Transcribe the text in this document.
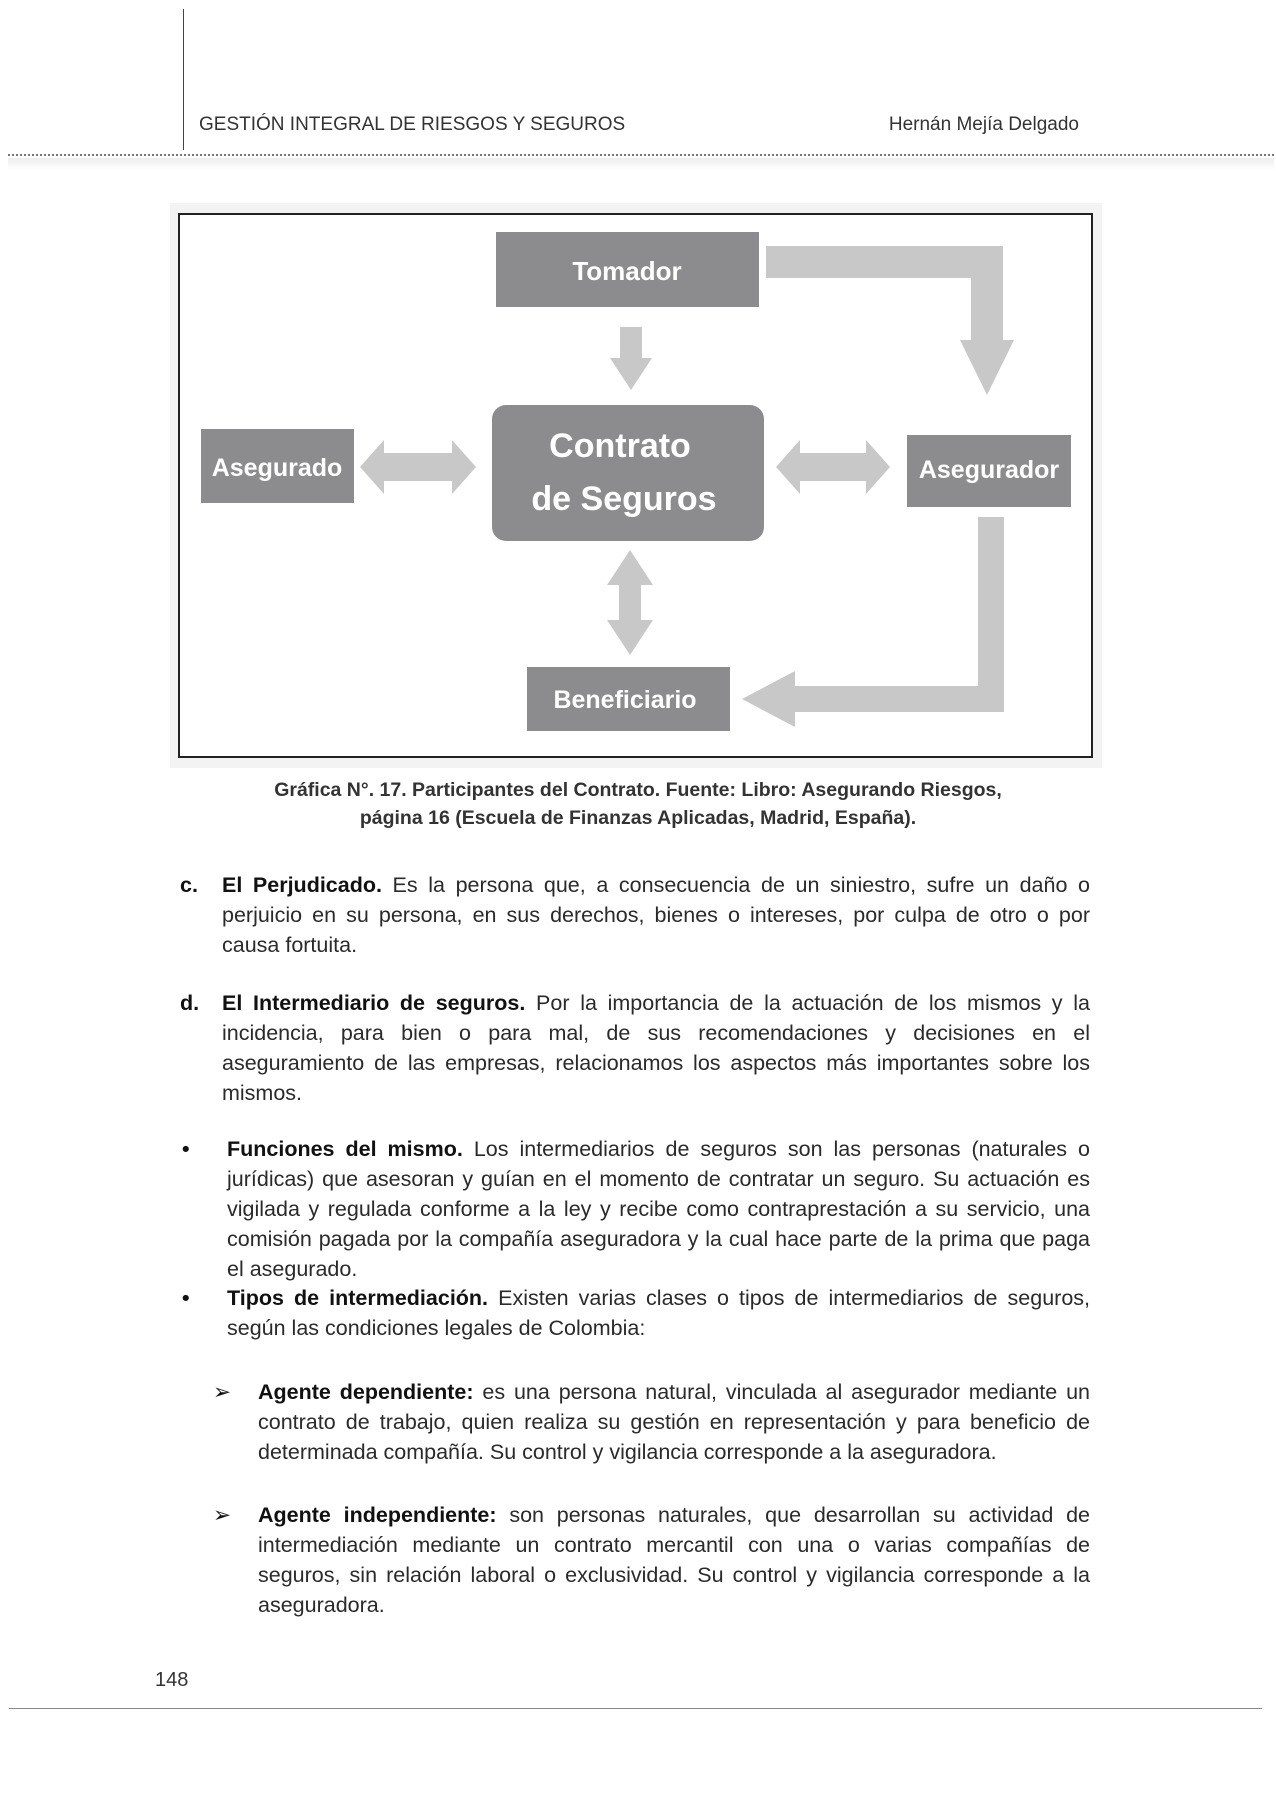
GESTIÓN INTEGRAL DE RIESGOS Y SEGUROS	Hernán Mejía Delgado
Tomador
Contrato
de Seguros
Asegurado	Asegurador
Beneficiario
Gráfica N°. 17. Participantes del Contrato. Fuente: Libro: Asegurando Riesgos,
página 16 (Escuela de Finanzas Aplicadas, Madrid, España).
c. El Perjudicado. Es la persona que, a consecuencia de un siniestro, sufre un daño o perjuicio en su persona, en sus derechos, bienes o intereses, por culpa de otro o por causa fortuita.
d. El Intermediario de seguros. Por la importancia de la actuación de los mismos y la incidencia, para bien o para mal, de sus recomendaciones y decisiones en el aseguramiento de las empresas, relacionamos los aspectos más importantes sobre los mismos.
• Funciones del mismo. Los intermediarios de seguros son las personas (naturales o jurídicas) que asesoran y guían en el momento de contratar un seguro. Su actuación es vigilada y regulada conforme a la ley y recibe como contraprestación a su servicio, una comisión pagada por la compañía aseguradora y la cual hace parte de la prima que paga el asegurado.
• Tipos de intermediación. Existen varias clases o tipos de intermediarios de seguros, según las condiciones legales de Colombia:
➢ Agente dependiente: es una persona natural, vinculada al asegurador mediante un contrato de trabajo, quien realiza su gestión en representación y para beneficio de determinada compañía. Su control y vigilancia corresponde a la aseguradora.
➢ Agente independiente: son personas naturales, que desarrollan su actividad de intermediación mediante un contrato mercantil con una o varias compañías de seguros, sin relación laboral o exclusividad. Su control y vigilancia corresponde a la aseguradora.
148
